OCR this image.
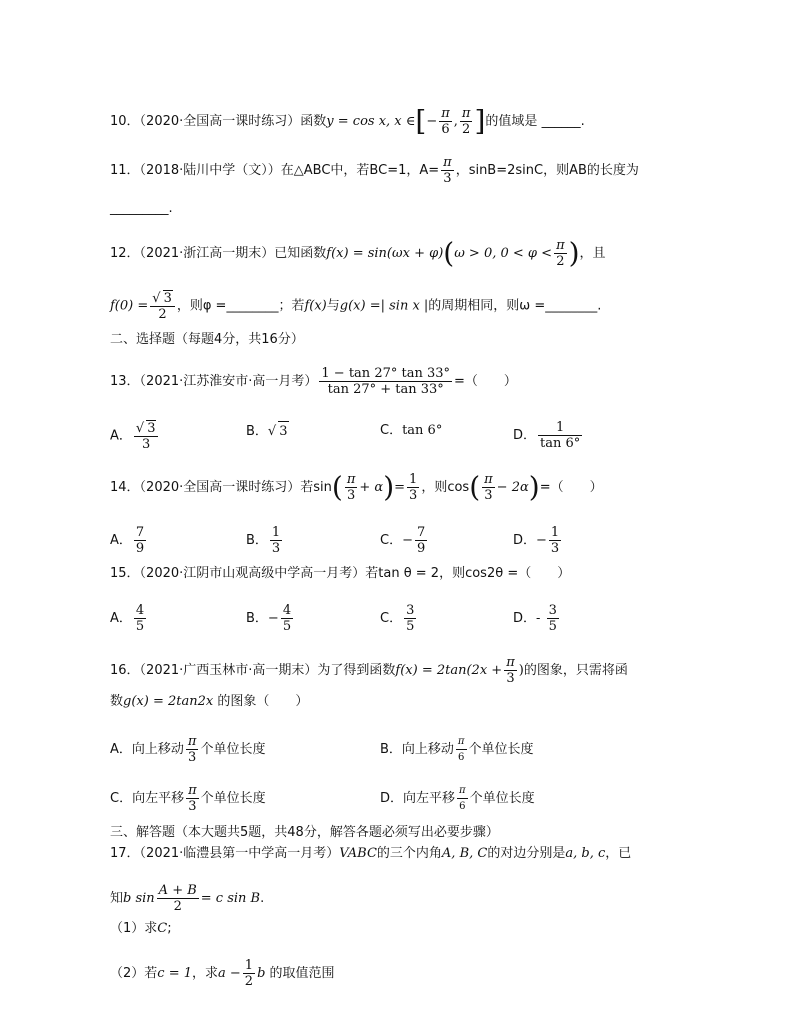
10．（2020·全国高一课时练习）函数y = cos x, x ∈[− $\frac{\pi}{6}$ , $\frac{\pi}{2}$ ]的值域是 ______.
11．（2018·陆川中学（文））在△ABC中，若BC=1，$A= \frac{\pi}{3}$ ，sinB=2sinC，则AB的长度为
_________.
12．（2021·浙江高一期末）已知函数f(x) = sin(ωx + φ)(ω > 0, $0 < \varphi < \frac{\pi}{2}$ )，且
$f(0) = \frac{√ 3}{2}$ ，则φ =________；若f(x)与g(x) =| sin x |的周期相同，则ω =________.
二、选择题（每题4分，共16分）
13．（2021·江苏淮安市·高一月考） $\frac{1 - \tan 27^\circ \tan 33^\circ}{\tan 27^\circ + \tan 33^\circ}$ =（　　）
A． $\frac{√ 3}{3}$	B．√ 3	C．tan 6°	D． $\frac{1}{\tan 6^\circ}$
14．（2020·全国高一课时练习）若$\sin( \frac{\pi}{3} + \alpha)= \frac{1}{3}$ ，则$\cos( \frac{\pi}{3} - 2\alpha)=$（　　）
A． $\frac{7}{9}$	B． $\frac{1}{3}$	C．− $\frac{7}{9}$	D．− $\frac{1}{3}$
15．（2020·江阴市山观高级中学高一月考）若tan θ = 2，则cos2θ =（　　）
A． $\frac{4}{5}$	B．− $\frac{4}{5}$	C． $\frac{3}{5}$	D．- $\frac{3}{5}$
16．（2021·广西玉林市·高一期末）为了得到函数$f(x) = 2\tan(2x + \frac{\pi}{3}$ )的图象，只需将函
数g(x) = 2tan2x 的图象（　　）
A．向上移动 $\frac{\pi}{3}$ 个单位长度	B．向上移动 $\frac{\pi}{6}$ 个单位长度
C．向左平移 $\frac{\pi}{3}$ 个单位长度	D．向左平移 $\frac{\pi}{6}$ 个单位长度
三、解答题（本大题共5题，共48分，解答各题必须写出必要步骤）
17．（2021·临澧县第一中学高一月考）VABC的三个内角A, B, C的对边分别是a, b, c，已
知b $\sin \frac{A + B}{2} = c$ sin B.
（1）求C;
（2）若c = 1，求$a - \frac{1}{2}$ b 的取值范围
